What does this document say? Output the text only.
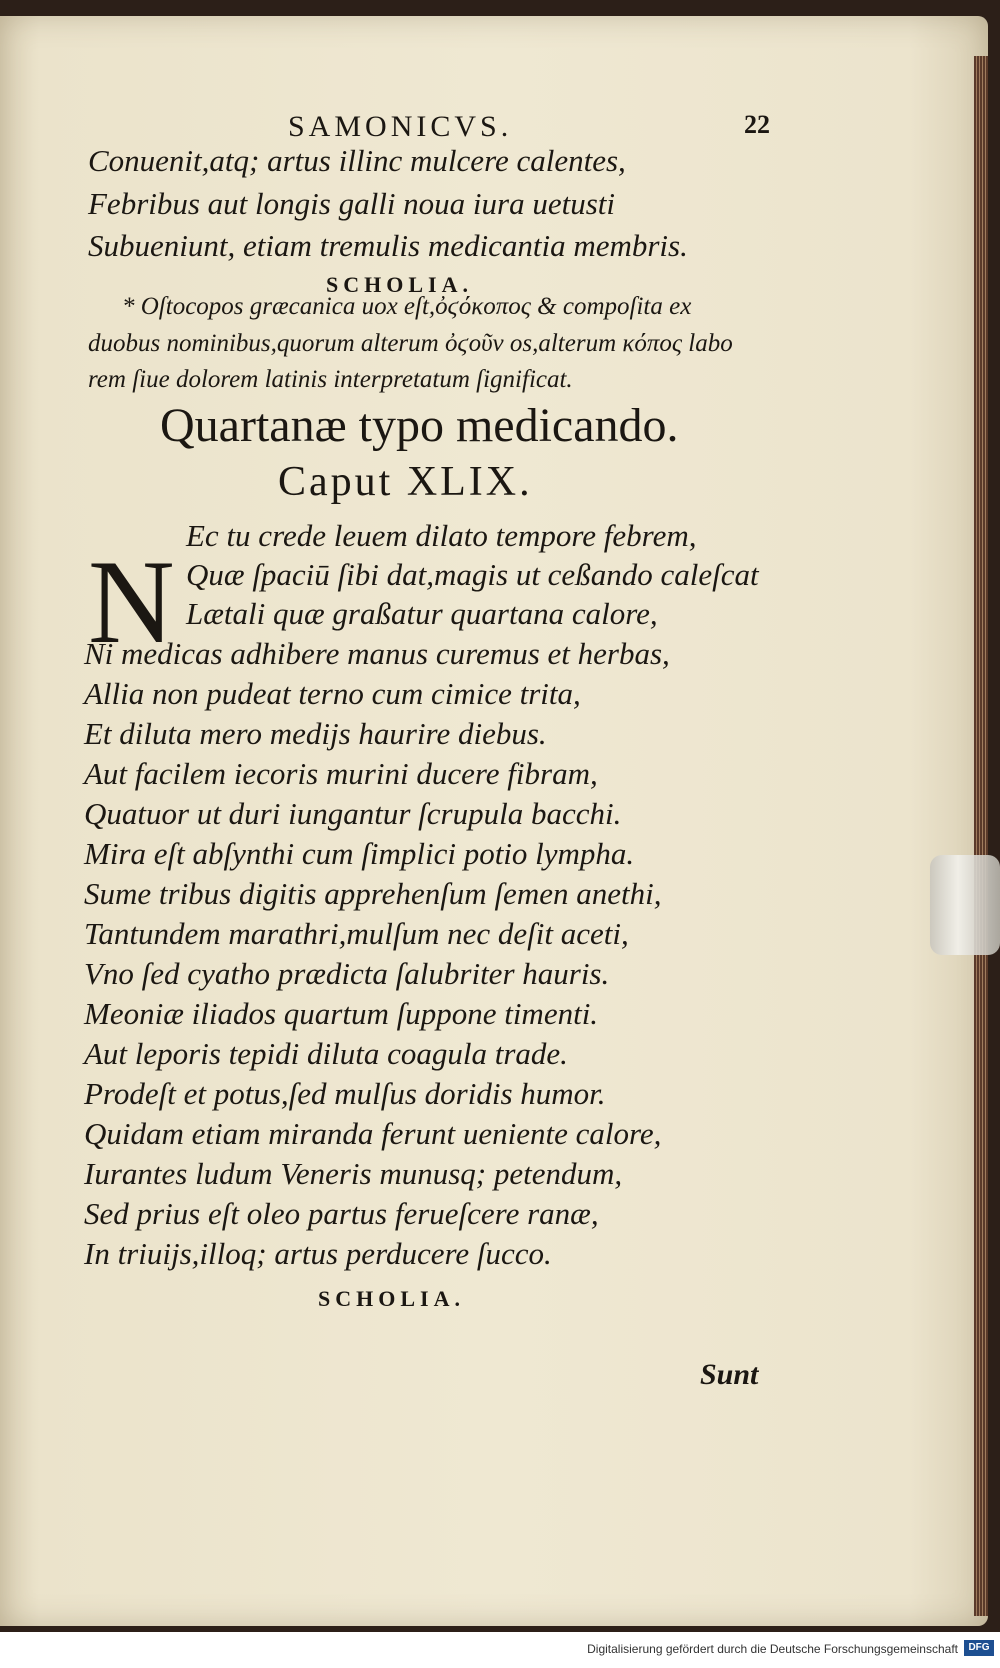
SAMONICVS.	22
Conuenit,atq; artus illinc mulcere calentes,
Febribus aut longis galli noua iura uetusti
Subueniunt, etiam tremulis medicantia membris.
SCHOLIA.
* Oſtocopos græcanica uox eſt,ὀϛόκοπος & compoſita ex
duobus nominibus,quorum alterum ὀϛοῦν os,alterum κόπος labo
rem ſiue dolorem latinis interpretatum ſignificat.
Quartanæ typo medicando.
Caput XLIX.
N Ec tu crede leuem dilato tempore febrem,
Quæ ſpaciū ſibi dat,magis ut ceßando caleſcat
Lætali quæ graßatur quartana calore,
Ni medicas adhibere manus curemus et herbas,
Allia non pudeat terno cum cimice trita,
Et diluta mero medijs haurire diebus.
Aut facilem iecoris murini ducere fibram,
Quatuor ut duri iungantur ſcrupula bacchi.
Mira eſt abſynthi cum ſimplici potio lympha.
Sume tribus digitis apprehenſum ſemen anethi,
Tantundem marathri,mulſum nec deſit aceti,
Vno ſed cyatho prædicta ſalubriter hauris.
Meoniæ iliados quartum ſuppone timenti.
Aut leporis tepidi diluta coagula trade.
Prodeſt et potus,ſed mulſus doridis humor.
Quidam etiam miranda ferunt ueniente calore,
Iurantes ludum Veneris munusq; petendum,
Sed prius eſt oleo partus ferueſcere ranæ,
In triuijs,illoq; artus perducere ſucco.
SCHOLIA.
Sunt
Digitalisierung gefördert durch die Deutsche Forschungsgemeinschaft	DFG
